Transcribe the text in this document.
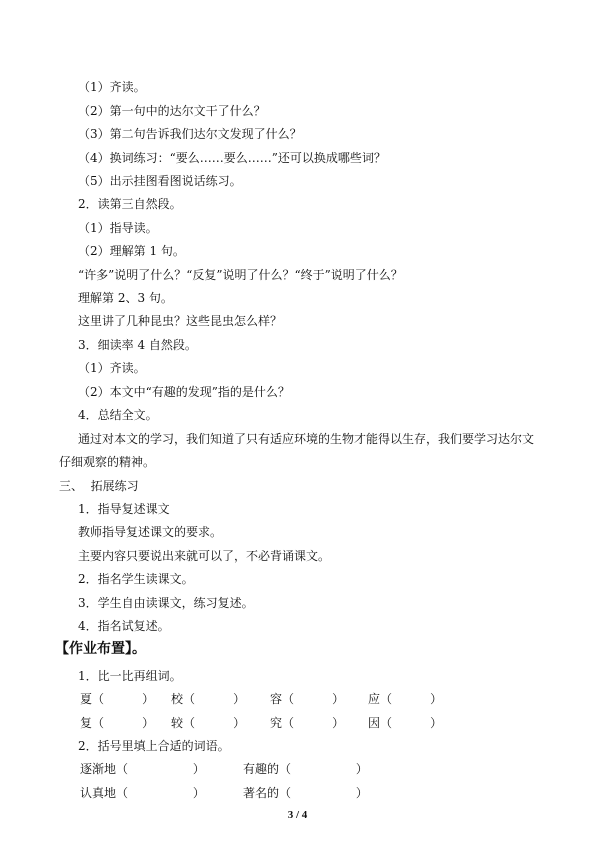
（1）齐读。
（2）第一句中的达尔文干了什么？
（3）第二句告诉我们达尔文发现了什么？
（4）换词练习：“要么……要么……”还可以换成哪些词？
（5）出示挂图看图说话练习。
2．读第三自然段。
（1）指导读。
（2）理解第 1 句。
“许多”说明了什么？“反复”说明了什么？“终于”说明了什么？
理解第 2、3 句。
这里讲了几种昆虫？这些昆虫怎么样？
3．细读率 4 自然段。
（1）齐读。
（2）本文中“有趣的发现”指的是什么？
4．总结全文。
通过对本文的学习，我们知道了只有适应环境的生物才能得以生存，我们要学习达尔文
仔细观察的精神。
三、  拓展练习
1．指导复述课文
教师指导复述课文的要求。
主要内容只要说出来就可以了，不必背诵课文。
2．指名学生读课文。
3．学生自由读课文，练习复述。
4．指名试复述。
【作业布置】。
1．比一比再组词。
夏（          ） 校（          ） 容（          ） 应（          ）
复（          ） 较（          ） 究（          ） 因（          ）
2．括号里填上合适的词语。
逐渐地（                 ）	有趣的（                 ）
认真地（                 ）	著名的（                 ）
3 / 4
